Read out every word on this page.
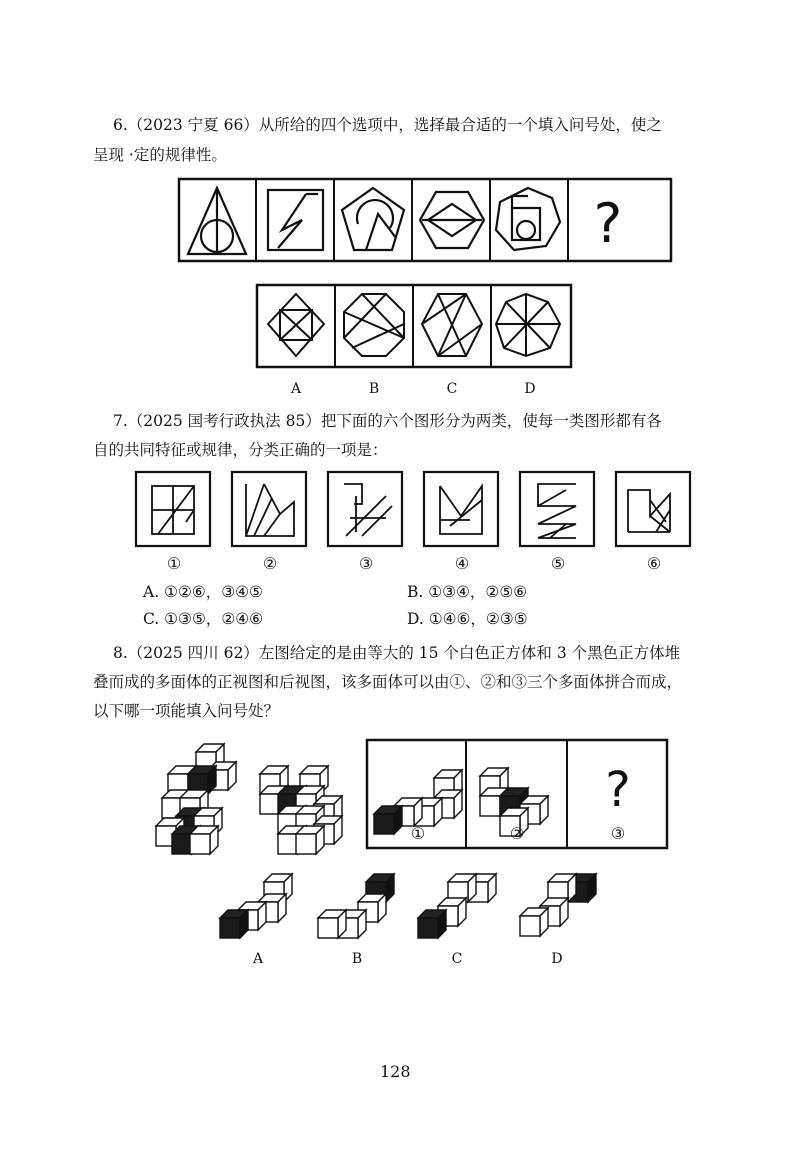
6.（2023 宁夏 66）从所给的四个选项中，选择最合适的一个填入问号处，使之
呈现 ·定的规律性。
?
A	B	C	D
7.（2025 国考行政执法 85）把下面的六个图形分为两类，使每一类图形都有各
自的共同特征或规律，分类正确的一项是：
①	②	③	④	⑤	⑥
A. ①②⑥，③④⑤	B. ①③④，②⑤⑥
C. ①③⑤，②④⑥	D. ①④⑥，②③⑤
8.（2025 四川 62）左图给定的是由等大的 15 个白色正方体和 3 个黑色正方体堆
叠而成的多面体的正视图和后视图，该多面体可以由①、②和③三个多面体拼合而成，
以下哪一项能填入问号处？
?
①	②	③
A	B	C	D
128
